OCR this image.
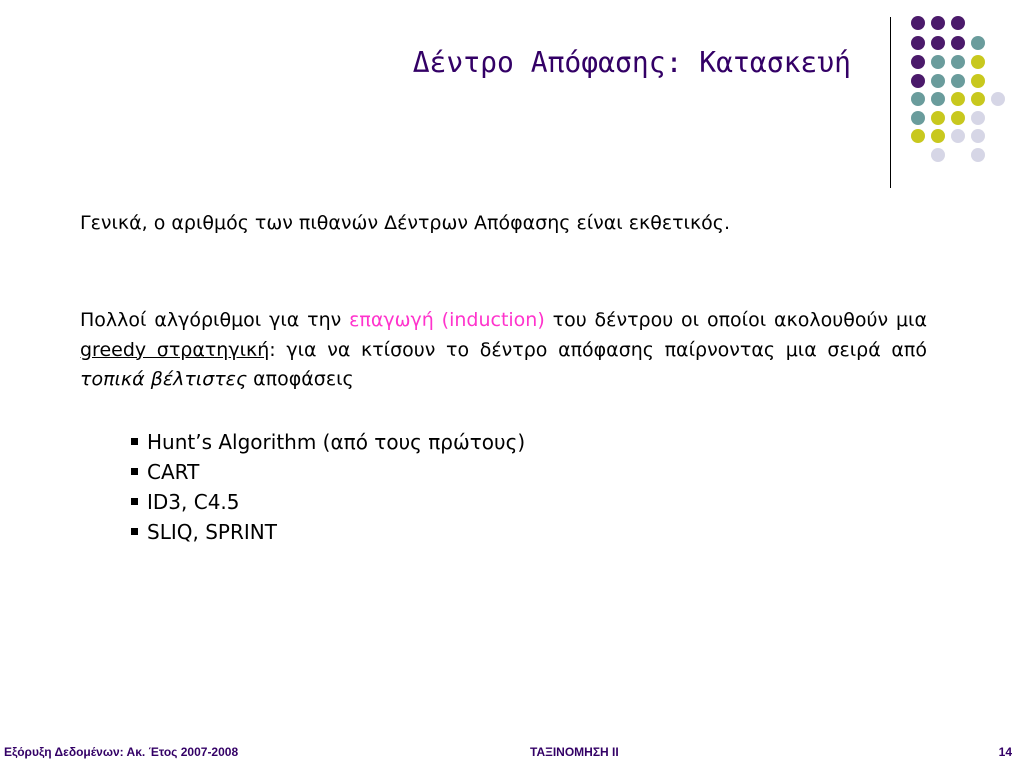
Δέντρο Απόφασης: Κατασκευή
Γενικά, ο αριθμός των πιθανών Δέντρων Απόφασης είναι εκθετικός.
Πολλοί αλγόριθμοι για την επαγωγή (induction) του δέντρου οι οποίοι ακολουθούν μια greedy στρατηγική: για να κτίσουν το δέντρο απόφασης παίρνοντας μια σειρά από τοπικά βέλτιστες αποφάσεις
Hunt’s Algorithm (από τους πρώτους)
CART
ID3, C4.5
SLIQ, SPRINT
Εξόρυξη Δεδομένων: Ακ. Έτος 2007-2008	ΤΑΞΙΝΟΜΗΣΗ ΙΙ	14
